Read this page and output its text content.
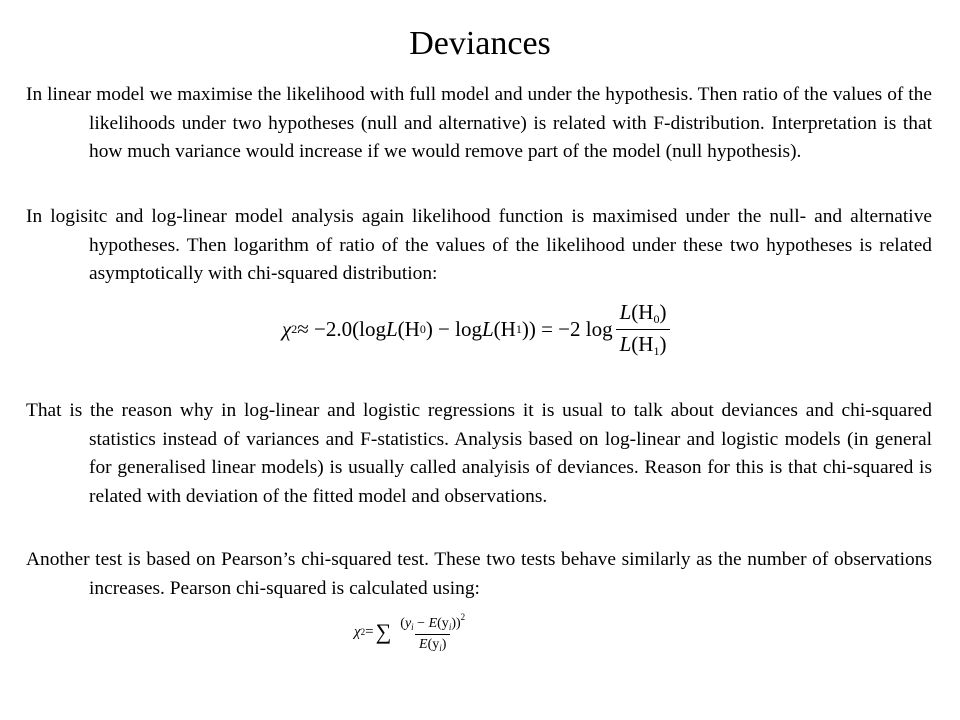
Deviances

In linear model we maximise the likelihood with full model and under the hypothesis. Then ratio of the values of the likelihoods under two hypotheses (null and alternative) is related with F-distribution. Interpretation is that how much variance would increase if we would remove part of the model (null hypothesis).

In logisitc and log-linear model analysis again likelihood function is maximised under the null- and alternative hypotheses. Then logarithm of ratio of the values of the likelihood under these two hypotheses is related asymptotically with chi-squared distribution:

χ 2 ≈ −2.0(log L (H 0 ) − log L (H 1 )) = −2 $\log \frac{L(H_0)}{L(H_1)}$

That is the reason why in log-linear and logistic regressions it is usual to talk about deviances and chi-squared statistics instead of variances and F-statistics. Analysis based on log-linear and logistic models (in general for generalised linear models) is usually called analyisis of deviances. Reason for this is that chi-squared is related with deviation of the fitted model and observations.

Another test is based on Pearson’s chi-squared test. These two tests behave similarly as the number of observations increases. Pearson chi-squared is calculated using:

χ 2 = ∑ $\frac{(y_i - E(y_i))^2}{E(y_i)}$
